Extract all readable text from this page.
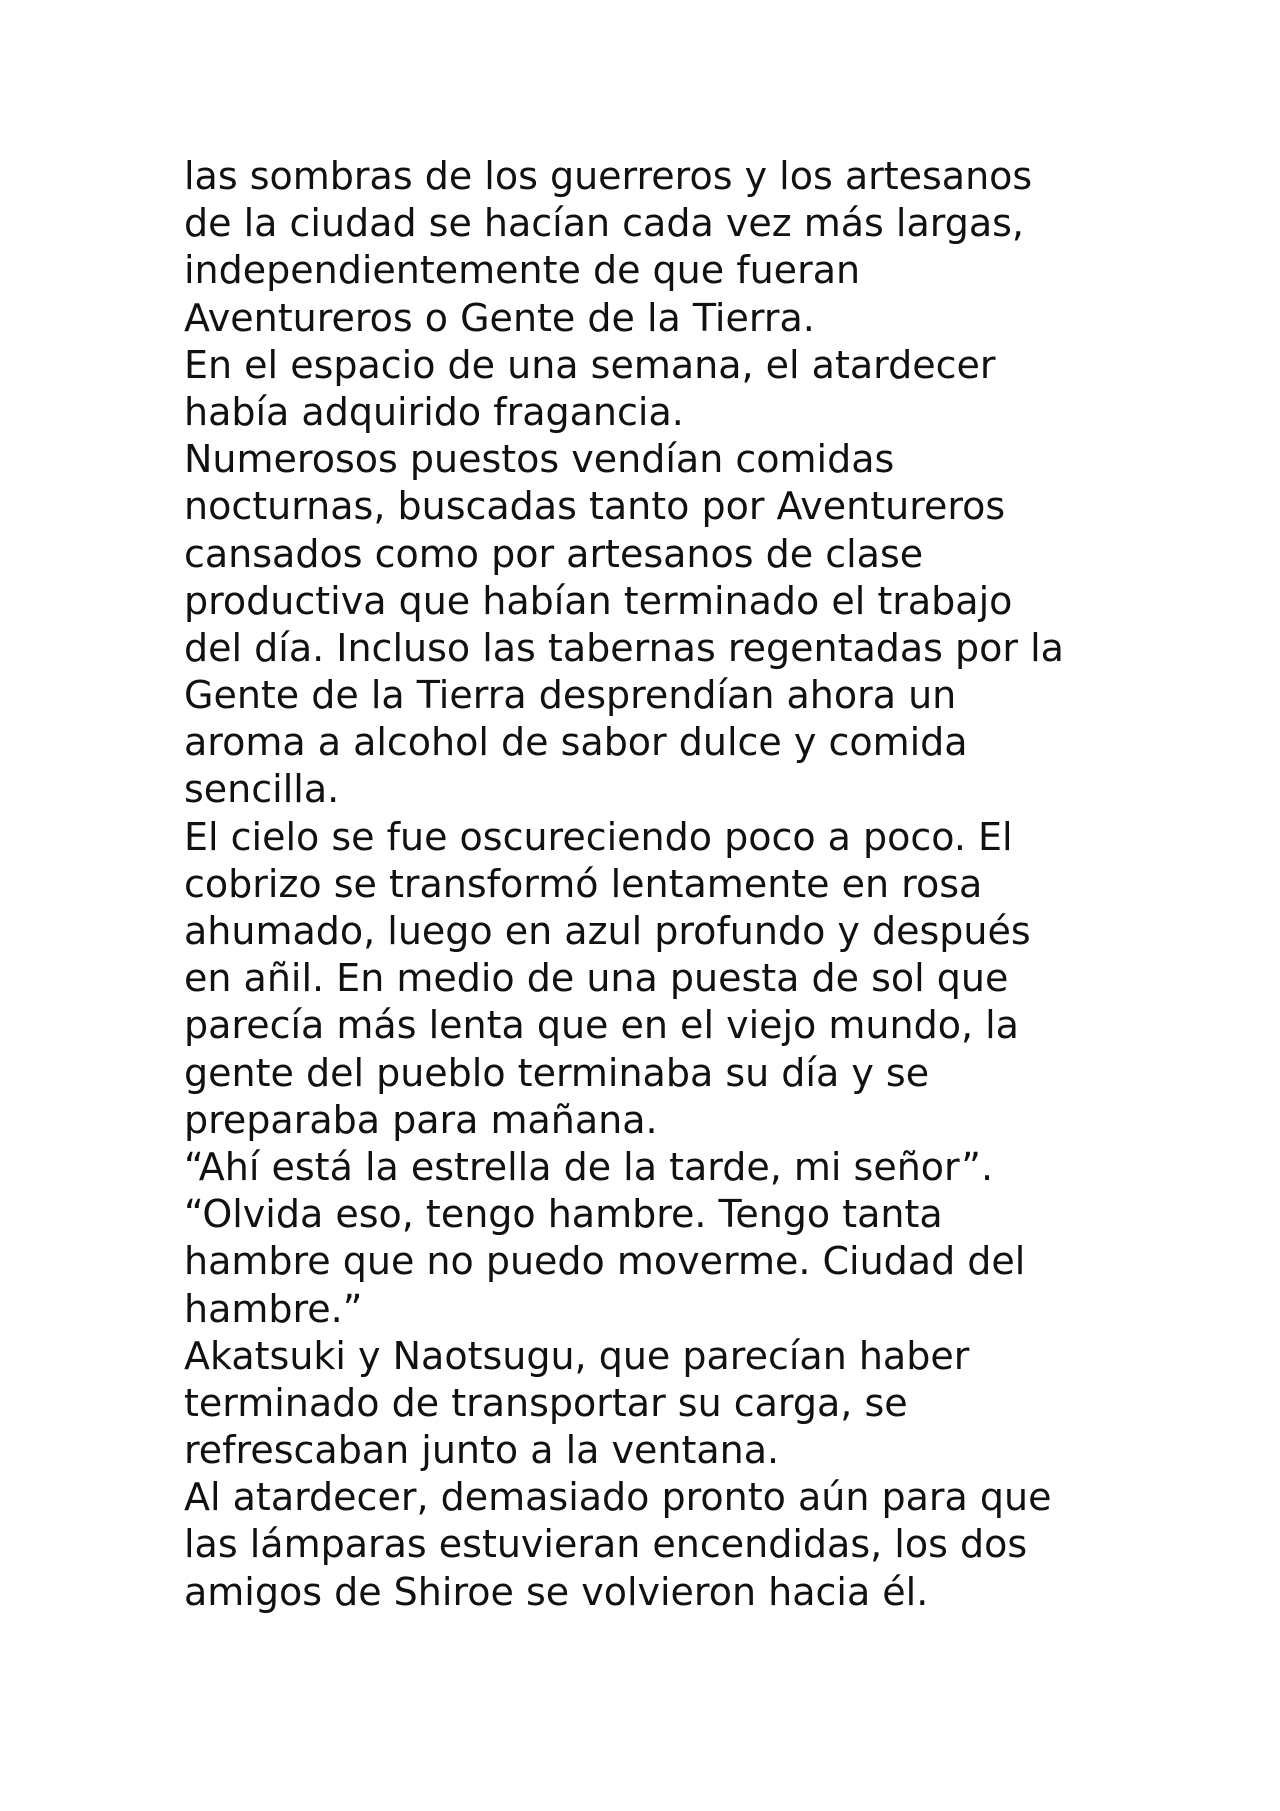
las sombras de los guerreros y los artesanos
de la ciudad se hacían cada vez más largas,
independientemente de que fueran
Aventureros o Gente de la Tierra.
En el espacio de una semana, el atardecer
había adquirido fragancia.
Numerosos puestos vendían comidas
nocturnas, buscadas tanto por Aventureros
cansados como por artesanos de clase
productiva que habían terminado el trabajo
del día. Incluso las tabernas regentadas por la
Gente de la Tierra desprendían ahora un
aroma a alcohol de sabor dulce y comida
sencilla.
El cielo se fue oscureciendo poco a poco. El
cobrizo se transformó lentamente en rosa
ahumado, luego en azul profundo y después
en añil. En medio de una puesta de sol que
parecía más lenta que en el viejo mundo, la
gente del pueblo terminaba su día y se
preparaba para mañana.
“Ahí está la estrella de la tarde, mi señor”.
“Olvida eso, tengo hambre. Tengo tanta
hambre que no puedo moverme. Ciudad del
hambre.”
Akatsuki y Naotsugu, que parecían haber
terminado de transportar su carga, se
refrescaban junto a la ventana.
Al atardecer, demasiado pronto aún para que
las lámparas estuvieran encendidas, los dos
amigos de Shiroe se volvieron hacia él.
